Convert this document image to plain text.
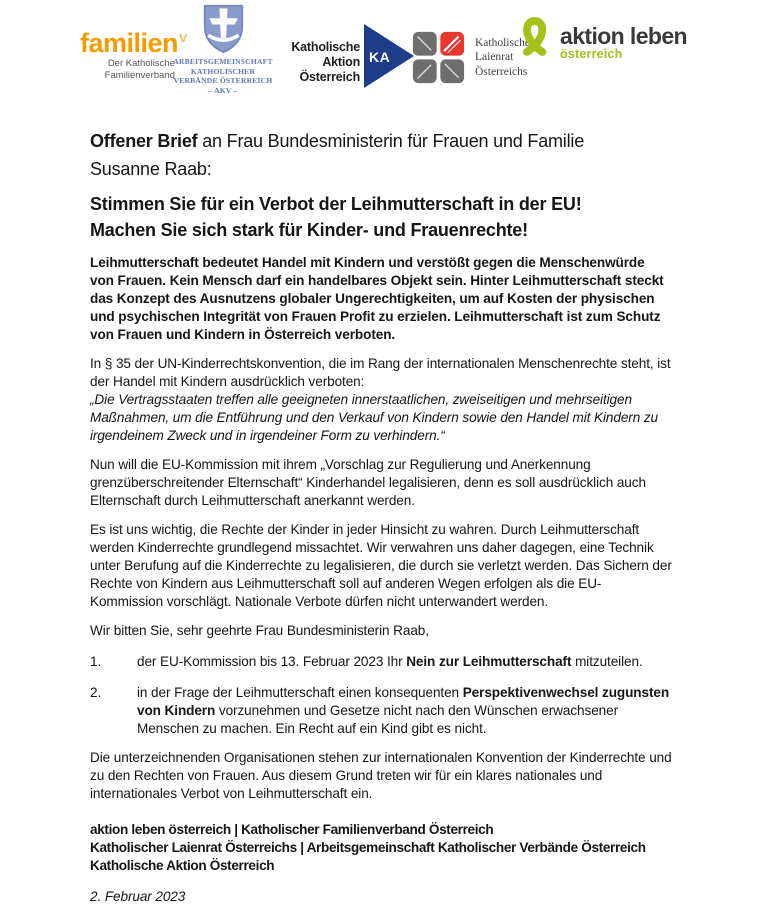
familien$^v$
Der Katholische
Familienverband
ARBEITSGEMEINSCHAFT
KATHOLISCHER
VERBÄNDE ÖSTERREICH
– AKV –
Katholische Aktion
Österreich
KA
Katholischer
Laienrat
Österreichs
aktion leben
österreich
Offener Brief an Frau Bundesministerin für Frauen und Familie
Susanne Raab:
Stimmen Sie für ein Verbot der Leihmutterschaft in der EU!
Machen Sie sich stark für Kinder- und Frauenrechte!

Leihmutterschaft bedeutet Handel mit Kindern und verstößt gegen die Menschenwürde von Frauen. Kein Mensch darf ein handelbares Objekt sein. Hinter Leihmutterschaft steckt das Konzept des Ausnutzens globaler Ungerechtigkeiten, um auf Kosten der physischen und psychischen Integrität von Frauen Profit zu erzielen. Leihmutterschaft ist zum Schutz von Frauen und Kindern in Österreich verboten.

In § 35 der UN-Kinderrechtskonvention, die im Rang der internationalen Menschenrechte steht, ist der Handel mit Kindern ausdrücklich verboten:
„Die Vertragsstaaten treffen alle geeigneten innerstaatlichen, zweiseitigen und mehrseitigen Maßnahmen, um die Entführung und den Verkauf von Kindern sowie den Handel mit Kindern zu irgendeinem Zweck und in irgendeiner Form zu verhindern.“

Nun will die EU-Kommission mit ihrem „Vorschlag zur Regulierung und Anerkennung grenzüberschreitender Elternschaft“ Kinderhandel legalisieren, denn es soll ausdrücklich auch Elternschaft durch Leihmutterschaft anerkannt werden.

Es ist uns wichtig, die Rechte der Kinder in jeder Hinsicht zu wahren. Durch Leihmutterschaft werden Kinderrechte grundlegend missachtet. Wir verwahren uns daher dagegen, eine Technik unter Berufung auf die Kinderrechte zu legalisieren, die durch sie verletzt werden. Das Sichern der Rechte von Kindern aus Leihmutterschaft soll auf anderen Wegen erfolgen als die EU-Kommission vorschlägt. Nationale Verbote dürfen nicht unterwandert werden.

Wir bitten Sie, sehr geehrte Frau Bundesministerin Raab,

1.	der EU-Kommission bis 13. Februar 2023 Ihr Nein zur Leihmutterschaft mitzuteilen.
2.	in der Frage der Leihmutterschaft einen konsequenten Perspektivenwechsel zugunsten von Kindern vorzunehmen und Gesetze nicht nach den Wünschen erwachsener Menschen zu machen. Ein Recht auf ein Kind gibt es nicht.

Die unterzeichnenden Organisationen stehen zur internationalen Konvention der Kinderrechte und zu den Rechten von Frauen. Aus diesem Grund treten wir für ein klares nationales und internationales Verbot von Leihmutterschaft ein.

aktion leben österreich | Katholischer Familienverband Österreich
Katholischer Laienrat Österreichs | Arbeitsgemeinschaft Katholischer Verbände Österreich
Katholische Aktion Österreich

2. Februar 2023
